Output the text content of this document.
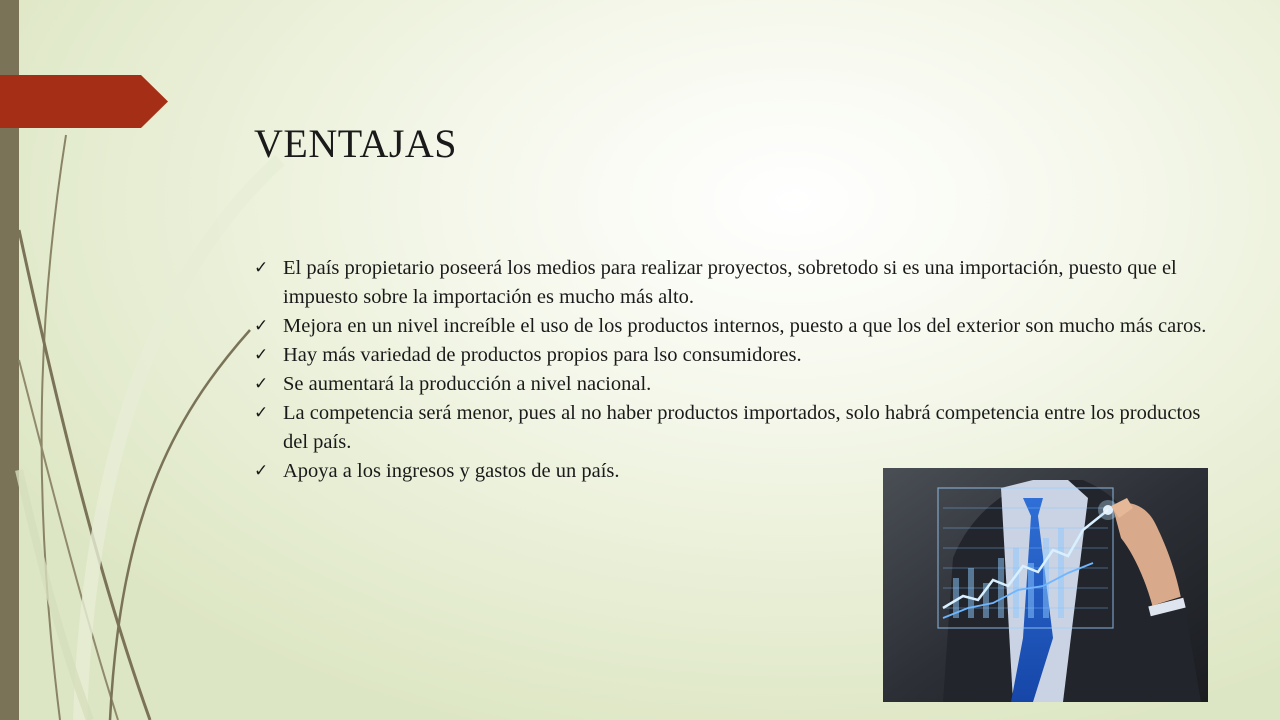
VENTAJAS
✓ El país propietario poseerá los medios para realizar proyectos, sobretodo si es una importación, puesto que el impuesto sobre la importación es mucho más alto.
✓ Mejora en un nivel increíble el uso de los productos internos, puesto a que los del exterior son mucho más caros.
✓ Hay más variedad de productos propios para lso consumidores.
✓ Se aumentará la producción a nivel nacional.
✓ La competencia será menor, pues al no haber productos importados, solo habrá competencia entre los productos del país.
✓ Apoya a los ingresos y gastos de un país.
